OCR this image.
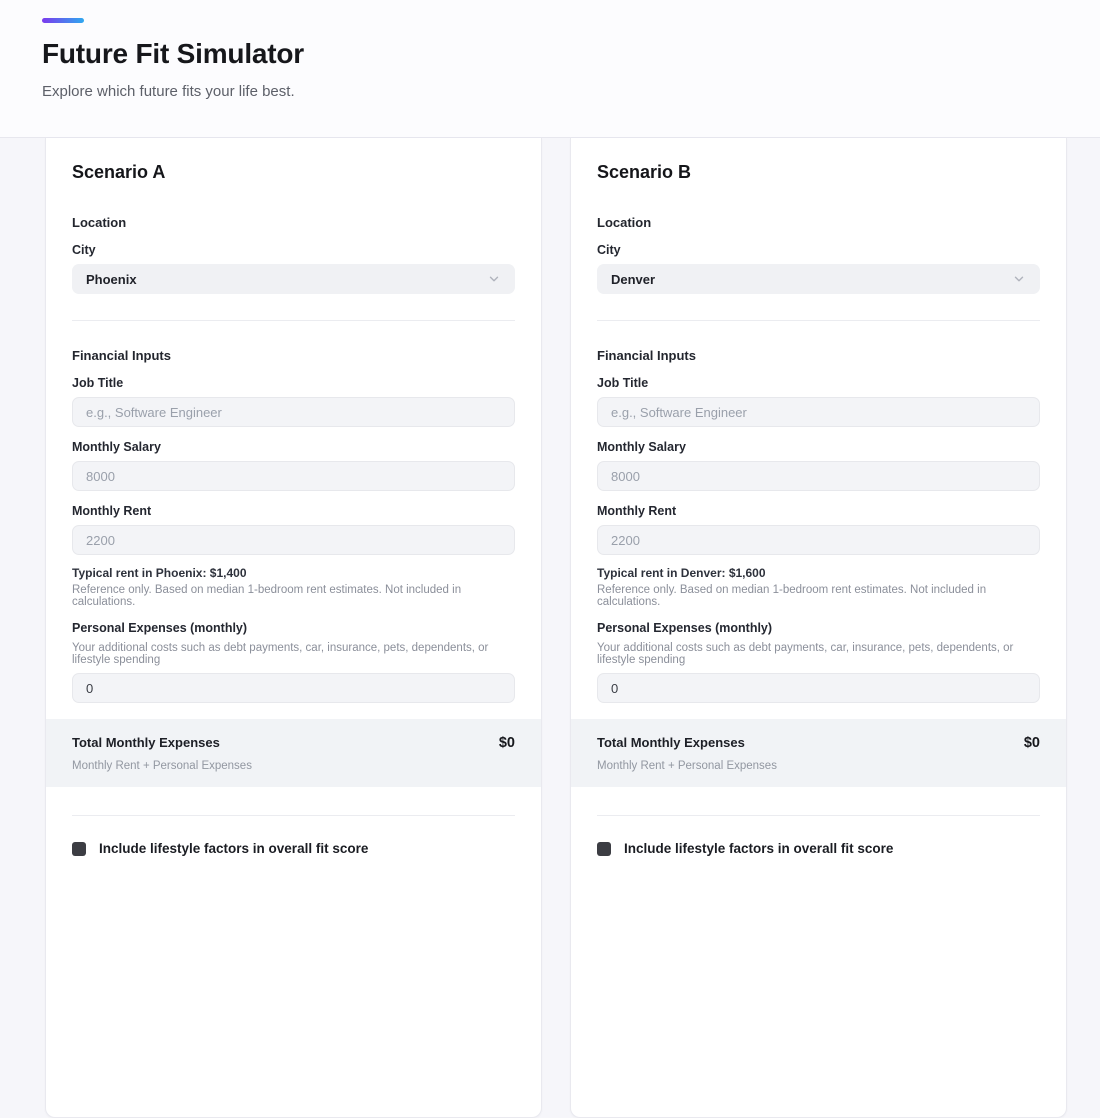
Future Fit Simulator
Explore which future fits your life best.
Scenario A
Location
City
Phoenix
Financial Inputs
Job Title
e.g., Software Engineer
Monthly Salary
8000
Monthly Rent
2200
Typical rent in Phoenix: $1,400
Reference only. Based on median 1-bedroom rent estimates. Not included in calculations.
Personal Expenses (monthly)
Your additional costs such as debt payments, car, insurance, pets, dependents, or lifestyle spending
0
Total Monthly Expenses	$0
Monthly Rent + Personal Expenses
Include lifestyle factors in overall fit score
Scenario B
Location
City
Denver
Financial Inputs
Job Title
e.g., Software Engineer
Monthly Salary
8000
Monthly Rent
2200
Typical rent in Denver: $1,600
Reference only. Based on median 1-bedroom rent estimates. Not included in calculations.
Personal Expenses (monthly)
Your additional costs such as debt payments, car, insurance, pets, dependents, or lifestyle spending
0
Total Monthly Expenses	$0
Monthly Rent + Personal Expenses
Include lifestyle factors in overall fit score
